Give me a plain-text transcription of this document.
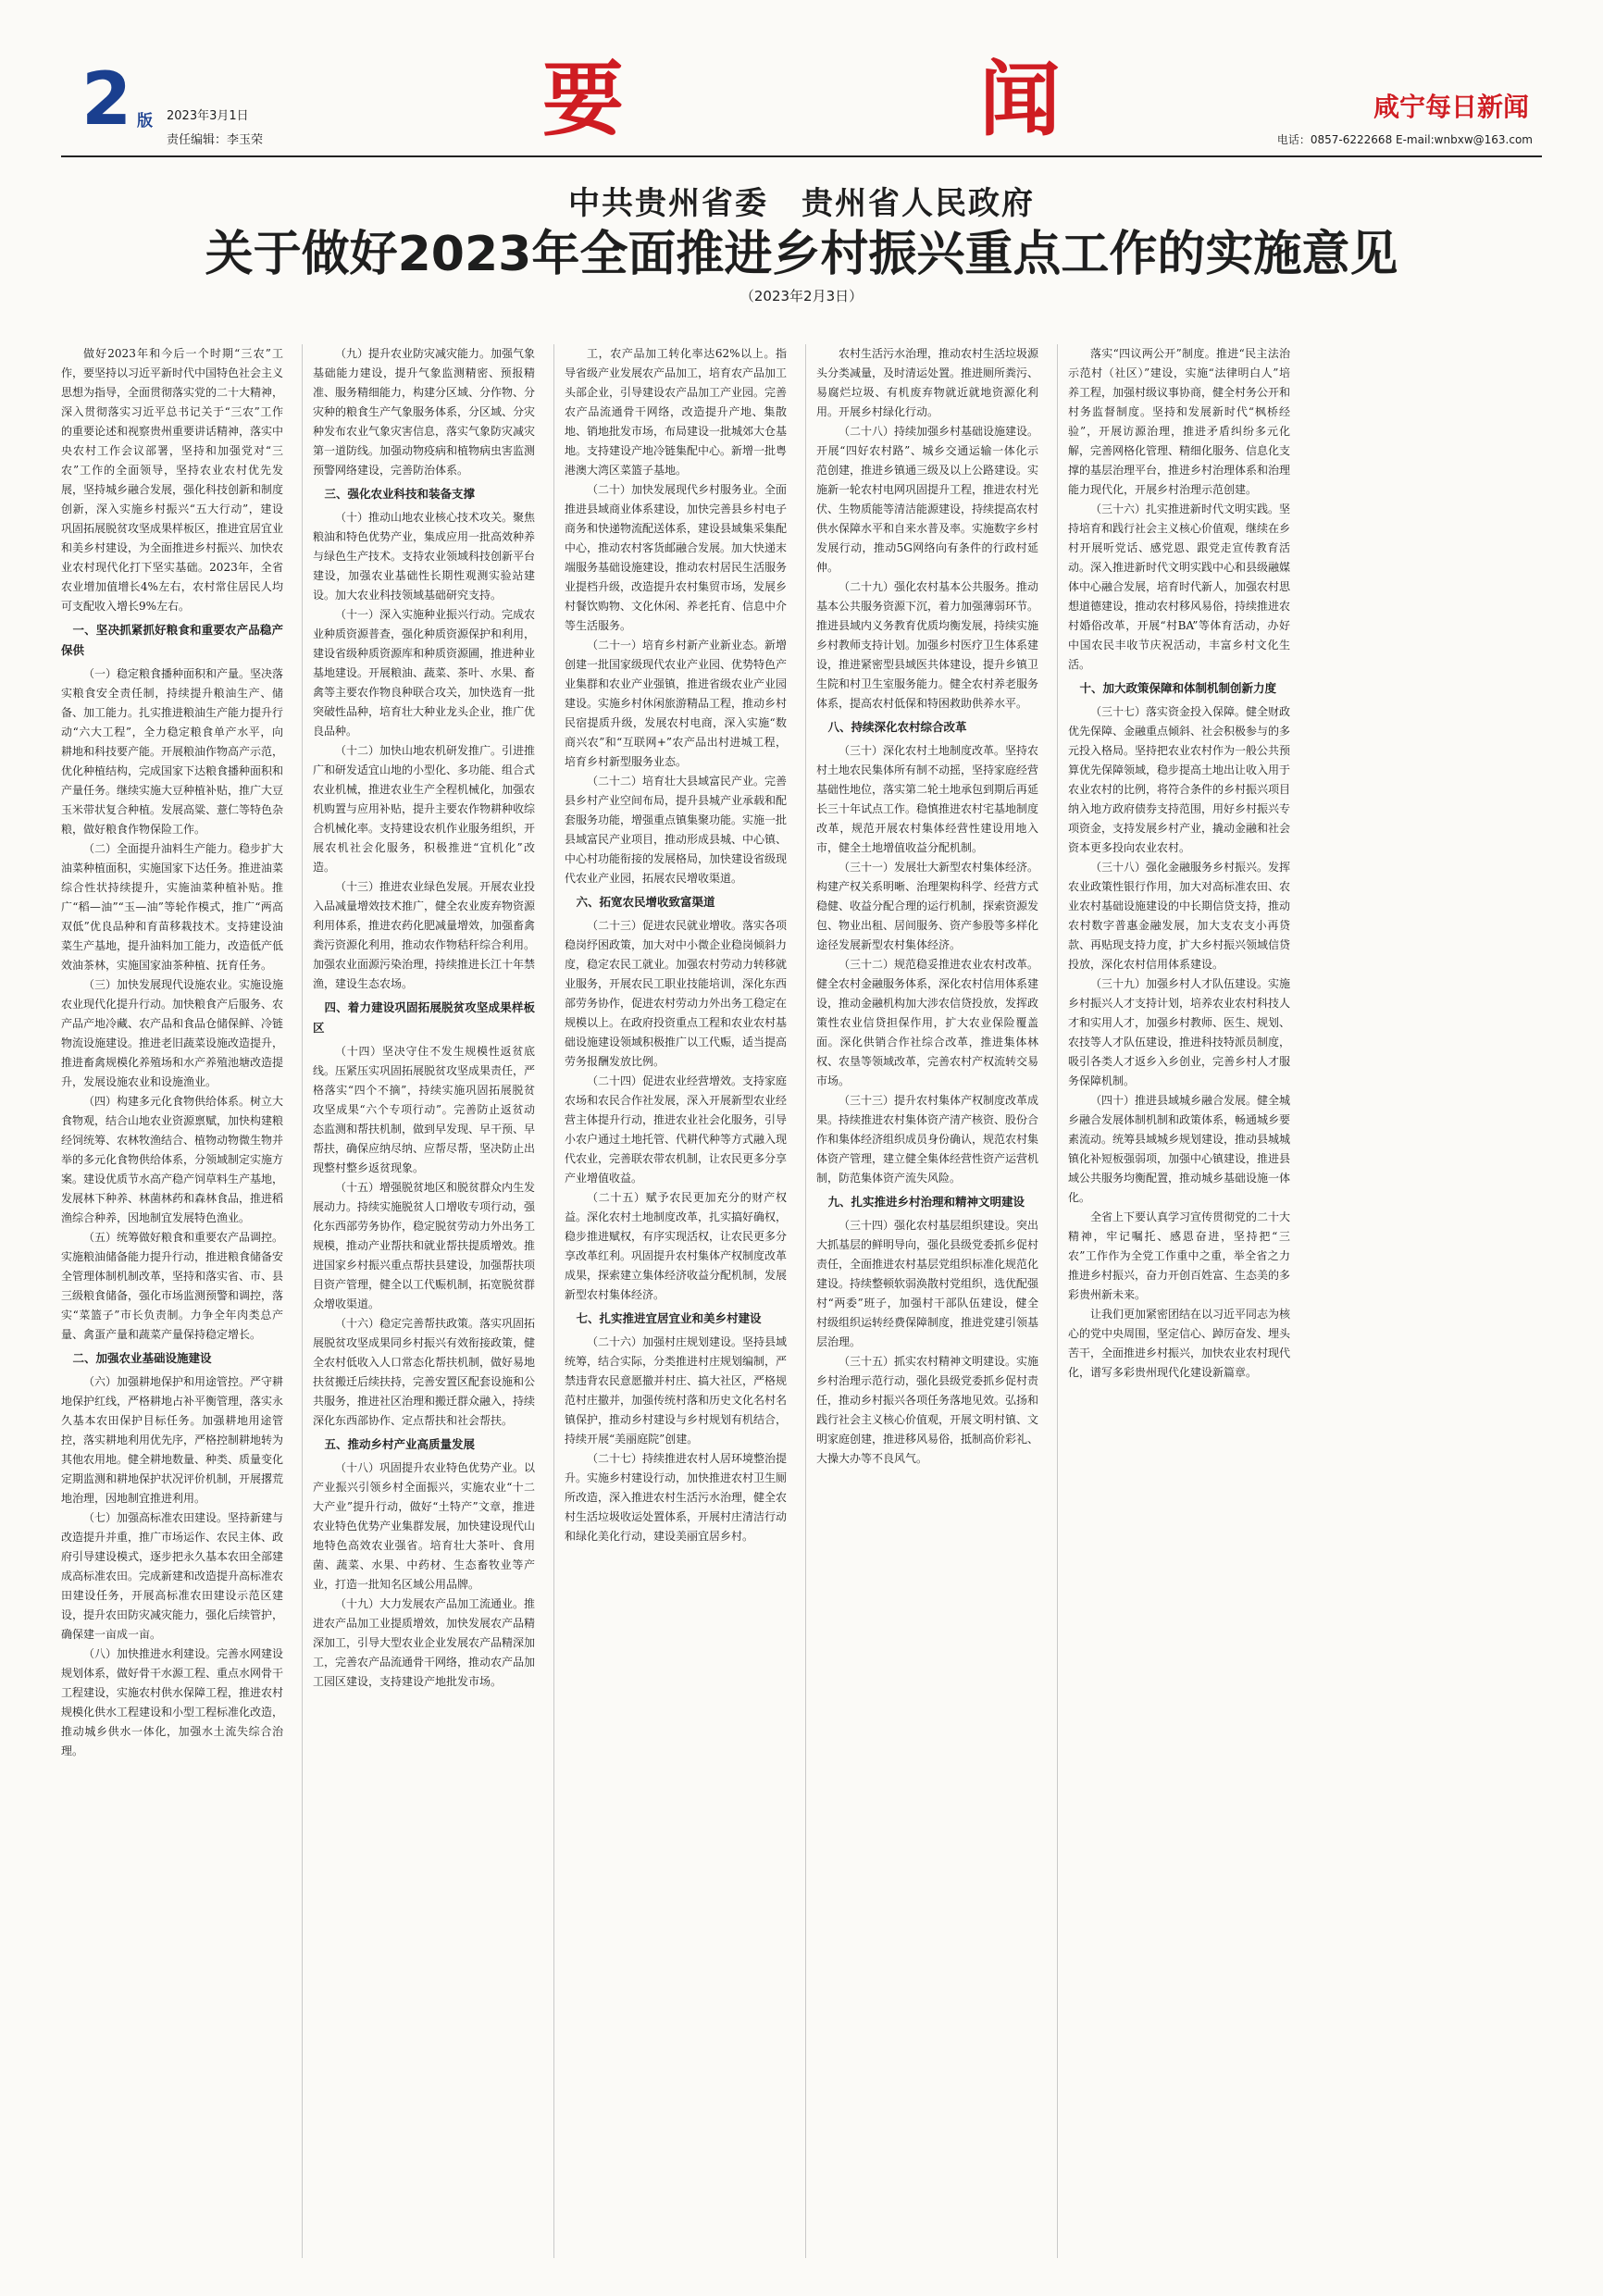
2 版 2023年3月1日
责任编辑：李玉荣	要	闻	咸宁每日新闻
电话：0857-6222668 E-mail:wnbxw@163.com
中共贵州省委　贵州省人民政府
关于做好2023年全面推进乡村振兴重点工作的实施意见
（2023年2月3日）

做好2023年和今后一个时期“三农”工作，要坚持以习近平新时代中国特色社会主义思想为指导，全面贯彻落实党的二十大精神，深入贯彻落实习近平总书记关于“三农”工作的重要论述和视察贵州重要讲话精神，落实中央农村工作会议部署，坚持和加强党对“三农”工作的全面领导，坚持农业农村优先发展，坚持城乡融合发展，强化科技创新和制度创新，深入实施乡村振兴“五大行动”，建设巩固拓展脱贫攻坚成果样板区，推进宜居宜业和美乡村建设，为全面推进乡村振兴、加快农业农村现代化打下坚实基础。2023年，全省农业增加值增长4%左右，农村常住居民人均可支配收入增长9%左右。

一、坚决抓紧抓好粮食和重要农产品稳产保供

（一）稳定粮食播种面积和产量。坚决落实粮食安全责任制，持续提升粮油生产、储备、加工能力。扎实推进粮油生产能力提升行动“六大工程”，全力稳定粮食单产水平，向耕地和科技要产能。开展粮油作物高产示范，优化种植结构，完成国家下达粮食播种面积和产量任务。继续实施大豆种植补贴，推广大豆玉米带状复合种植。发展高粱、薏仁等特色杂粮，做好粮食作物保险工作。

（二）全面提升油料生产能力。稳步扩大油菜种植面积，实施国家下达任务。推进油菜综合性状持续提升，实施油菜种植补贴。推广“稻—油”“玉—油”等轮作模式，推广“两高双低”优良品种和育苗移栽技术。支持建设油菜生产基地，提升油料加工能力，改造低产低效油茶林，实施国家油茶种植、抚育任务。

（三）加快发展现代设施农业。实施设施农业现代化提升行动。加快粮食产后服务、农产品产地冷藏、农产品和食品仓储保鲜、冷链物流设施建设。推进老旧蔬菜设施改造提升，推进畜禽规模化养殖场和水产养殖池塘改造提升，发展设施农业和设施渔业。

（四）构建多元化食物供给体系。树立大食物观，结合山地农业资源禀赋，加快构建粮经饲统筹、农林牧渔结合、植物动物微生物并举的多元化食物供给体系，分领域制定实施方案。建设优质节水高产稳产饲草料生产基地，发展林下种养、林菌林药和森林食品，推进稻渔综合种养，因地制宜发展特色渔业。

（五）统筹做好粮食和重要农产品调控。实施粮油储备能力提升行动，推进粮食储备安全管理体制机制改革，坚持和落实省、市、县三级粮食储备，强化市场监测预警和调控，落实“菜篮子”市长负责制。力争全年肉类总产量、禽蛋产量和蔬菜产量保持稳定增长。

二、加强农业基础设施建设

（六）加强耕地保护和用途管控。严守耕地保护红线，严格耕地占补平衡管理，落实永久基本农田保护目标任务。加强耕地用途管控，落实耕地利用优先序，严格控制耕地转为其他农用地。健全耕地数量、种类、质量变化定期监测和耕地保护状况评价机制，开展撂荒地治理，因地制宜推进利用。

（七）加强高标准农田建设。坚持新建与改造提升并重，推广市场运作、农民主体、政府引导建设模式，逐步把永久基本农田全部建成高标准农田。完成新建和改造提升高标准农田建设任务，开展高标准农田建设示范区建设，提升农田防灾减灾能力，强化后续管护，确保建一亩成一亩。

（八）加快推进水利建设。完善水网建设规划体系，做好骨干水源工程、重点水网骨干工程建设，实施农村供水保障工程，推进农村规模化供水工程建设和小型工程标准化改造，推动城乡供水一体化，加强水土流失综合治理。

（九）提升农业防灾减灾能力。加强气象基础能力建设，提升气象监测精密、预报精准、服务精细能力，构建分区域、分作物、分灾种的粮食生产气象服务体系，分区域、分灾种发布农业气象灾害信息，落实气象防灾减灾第一道防线。加强动物疫病和植物病虫害监测预警网络建设，完善防治体系。

三、强化农业科技和装备支撑

（十）推动山地农业核心技术攻关。聚焦粮油和特色优势产业，集成应用一批高效种养与绿色生产技术。支持农业领域科技创新平台建设，加强农业基础性长期性观测实验站建设。加大农业科技领域基础研究支持。

（十一）深入实施种业振兴行动。完成农业种质资源普查，强化种质资源保护和利用，建设省级种质资源库和种质资源圃，推进种业基地建设。开展粮油、蔬菜、茶叶、水果、畜禽等主要农作物良种联合攻关，加快选育一批突破性品种，培育壮大种业龙头企业，推广优良品种。

（十二）加快山地农机研发推广。引进推广和研发适宜山地的小型化、多功能、组合式农业机械，推进农业生产全程机械化，加强农机购置与应用补贴，提升主要农作物耕种收综合机械化率。支持建设农机作业服务组织，开展农机社会化服务，积极推进“宜机化”改造。

（十三）推进农业绿色发展。开展农业投入品减量增效技术推广，健全农业废弃物资源利用体系，推进农药化肥减量增效，加强畜禽粪污资源化利用，推动农作物秸秆综合利用。加强农业面源污染治理，持续推进长江十年禁渔，建设生态农场。

四、着力建设巩固拓展脱贫攻坚成果样板区

（十四）坚决守住不发生规模性返贫底线。压紧压实巩固拓展脱贫攻坚成果责任，严格落实“四个不摘”，持续实施巩固拓展脱贫攻坚成果“六个专项行动”。完善防止返贫动态监测和帮扶机制，做到早发现、早干预、早帮扶，确保应纳尽纳、应帮尽帮，坚决防止出现整村整乡返贫现象。

（十五）增强脱贫地区和脱贫群众内生发展动力。持续实施脱贫人口增收专项行动，强化东西部劳务协作，稳定脱贫劳动力外出务工规模，推动产业帮扶和就业帮扶提质增效。推进国家乡村振兴重点帮扶县建设，加强帮扶项目资产管理，健全以工代赈机制，拓宽脱贫群众增收渠道。

（十六）稳定完善帮扶政策。落实巩固拓展脱贫攻坚成果同乡村振兴有效衔接政策，健全农村低收入人口常态化帮扶机制，做好易地扶贫搬迁后续扶持，完善安置区配套设施和公共服务，推进社区治理和搬迁群众融入，持续深化东西部协作、定点帮扶和社会帮扶。

五、推动乡村产业高质量发展

（十八）巩固提升农业特色优势产业。以产业振兴引领乡村全面振兴，实施农业“十二大产业”提升行动，做好“土特产”文章，推进农业特色优势产业集群发展，加快建设现代山地特色高效农业强省。培育壮大茶叶、食用菌、蔬菜、水果、中药材、生态畜牧业等产业，打造一批知名区域公用品牌。

（十九）大力发展农产品加工流通业。推进农产品加工业提质增效，加快发展农产品精深加工，引导大型农业企业发展农产品精深加工，完善农产品流通骨干网络，推动农产品加工园区建设，支持建设产地批发市场。

工，农产品加工转化率达62%以上。指导省级产业发展农产品加工，培育农产品加工头部企业，引导建设农产品加工产业园。完善农产品流通骨干网络，改造提升产地、集散地、销地批发市场，布局建设一批城郊大仓基地。支持建设产地冷链集配中心。新增一批粤港澳大湾区菜篮子基地。

（二十）加快发展现代乡村服务业。全面推进县域商业体系建设，加快完善县乡村电子商务和快递物流配送体系，建设县域集采集配中心，推动农村客货邮融合发展。加大快递末端服务基础设施建设，推动农村居民生活服务业提档升级，改造提升农村集贸市场，发展乡村餐饮购物、文化休闲、养老托育、信息中介等生活服务。

（二十一）培育乡村新产业新业态。新增创建一批国家级现代农业产业园、优势特色产业集群和农业产业强镇，推进省级农业产业园建设。实施乡村休闲旅游精品工程，推动乡村民宿提质升级，发展农村电商，深入实施“数商兴农”和“互联网+”农产品出村进城工程，培育乡村新型服务业态。

（二十二）培育壮大县域富民产业。完善县乡村产业空间布局，提升县城产业承载和配套服务功能，增强重点镇集聚功能。实施一批县域富民产业项目，推动形成县城、中心镇、中心村功能衔接的发展格局，加快建设省级现代农业产业园，拓展农民增收渠道。

六、拓宽农民增收致富渠道

（二十三）促进农民就业增收。落实各项稳岗纾困政策，加大对中小微企业稳岗倾斜力度，稳定农民工就业。加强农村劳动力转移就业服务，开展农民工职业技能培训，深化东西部劳务协作，促进农村劳动力外出务工稳定在规模以上。在政府投资重点工程和农业农村基础设施建设领域积极推广以工代赈，适当提高劳务报酬发放比例。

（二十四）促进农业经营增效。支持家庭农场和农民合作社发展，深入开展新型农业经营主体提升行动，推进农业社会化服务，引导小农户通过土地托管、代耕代种等方式融入现代农业，完善联农带农机制，让农民更多分享产业增值收益。

（二十五）赋予农民更加充分的财产权益。深化农村土地制度改革，扎实搞好确权，稳步推进赋权，有序实现活权，让农民更多分享改革红利。巩固提升农村集体产权制度改革成果，探索建立集体经济收益分配机制，发展新型农村集体经济。

七、扎实推进宜居宜业和美乡村建设

（二十六）加强村庄规划建设。坚持县域统筹，结合实际，分类推进村庄规划编制，严禁违背农民意愿撤并村庄、搞大社区，严格规范村庄撤并，加强传统村落和历史文化名村名镇保护，推动乡村建设与乡村规划有机结合，持续开展“美丽庭院”创建。

（二十七）持续推进农村人居环境整治提升。实施乡村建设行动，加快推进农村卫生厕所改造，深入推进农村生活污水治理，健全农村生活垃圾收运处置体系，开展村庄清洁行动和绿化美化行动，建设美丽宜居乡村。

农村生活污水治理，推动农村生活垃圾源头分类减量，及时清运处置。推进厕所粪污、易腐烂垃圾、有机废弃物就近就地资源化利用。开展乡村绿化行动。

（二十八）持续加强乡村基础设施建设。开展“四好农村路”、城乡交通运输一体化示范创建，推进乡镇通三级及以上公路建设。实施新一轮农村电网巩固提升工程，推进农村光伏、生物质能等清洁能源建设，持续提高农村供水保障水平和自来水普及率。实施数字乡村发展行动，推动5G网络向有条件的行政村延伸。

（二十九）强化农村基本公共服务。推动基本公共服务资源下沉，着力加强薄弱环节。推进县域内义务教育优质均衡发展，持续实施乡村教师支持计划。加强乡村医疗卫生体系建设，推进紧密型县域医共体建设，提升乡镇卫生院和村卫生室服务能力。健全农村养老服务体系，提高农村低保和特困救助供养水平。

八、持续深化农村综合改革

（三十）深化农村土地制度改革。坚持农村土地农民集体所有制不动摇，坚持家庭经营基础性地位，落实第二轮土地承包到期后再延长三十年试点工作。稳慎推进农村宅基地制度改革，规范开展农村集体经营性建设用地入市，健全土地增值收益分配机制。

（三十一）发展壮大新型农村集体经济。构建产权关系明晰、治理架构科学、经营方式稳健、收益分配合理的运行机制，探索资源发包、物业出租、居间服务、资产参股等多样化途径发展新型农村集体经济。

（三十二）规范稳妥推进农业农村改革。健全农村金融服务体系，深化农村信用体系建设，推动金融机构加大涉农信贷投放，发挥政策性农业信贷担保作用，扩大农业保险覆盖面。深化供销合作社综合改革，推进集体林权、农垦等领域改革，完善农村产权流转交易市场。

（三十三）提升农村集体产权制度改革成果。持续推进农村集体资产清产核资、股份合作和集体经济组织成员身份确认，规范农村集体资产管理，建立健全集体经营性资产运营机制，防范集体资产流失风险。

九、扎实推进乡村治理和精神文明建设

（三十四）强化农村基层组织建设。突出大抓基层的鲜明导向，强化县级党委抓乡促村责任，全面推进农村基层党组织标准化规范化建设。持续整顿软弱涣散村党组织，选优配强村“两委”班子，加强村干部队伍建设，健全村级组织运转经费保障制度，推进党建引领基层治理。

（三十五）抓实农村精神文明建设。实施乡村治理示范行动，强化县级党委抓乡促村责任，推动乡村振兴各项任务落地见效。弘扬和践行社会主义核心价值观，开展文明村镇、文明家庭创建，推进移风易俗，抵制高价彩礼、大操大办等不良风气。

落实“四议两公开”制度。推进“民主法治示范村（社区）”建设，实施“法律明白人”培养工程，加强村级议事协商，健全村务公开和村务监督制度。坚持和发展新时代“枫桥经验”，开展访源治理，推进矛盾纠纷多元化解，完善网格化管理、精细化服务、信息化支撑的基层治理平台，推进乡村治理体系和治理能力现代化，开展乡村治理示范创建。

（三十六）扎实推进新时代文明实践。坚持培育和践行社会主义核心价值观，继续在乡村开展听党话、感党恩、跟党走宣传教育活动。深入推进新时代文明实践中心和县级融媒体中心融合发展，培育时代新人，加强农村思想道德建设，推动农村移风易俗，持续推进农村婚俗改革，开展“村BA”等体育活动，办好中国农民丰收节庆祝活动，丰富乡村文化生活。

十、加大政策保障和体制机制创新力度

（三十七）落实资金投入保障。健全财政优先保障、金融重点倾斜、社会积极参与的多元投入格局。坚持把农业农村作为一般公共预算优先保障领域，稳步提高土地出让收入用于农业农村的比例，将符合条件的乡村振兴项目纳入地方政府债券支持范围，用好乡村振兴专项资金，支持发展乡村产业，撬动金融和社会资本更多投向农业农村。

（三十八）强化金融服务乡村振兴。发挥农业政策性银行作用，加大对高标准农田、农业农村基础设施建设的中长期信贷支持，推动农村数字普惠金融发展，加大支农支小再贷款、再贴现支持力度，扩大乡村振兴领域信贷投放，深化农村信用体系建设。

（三十九）加强乡村人才队伍建设。实施乡村振兴人才支持计划，培养农业农村科技人才和实用人才，加强乡村教师、医生、规划、农技等人才队伍建设，推进科技特派员制度，吸引各类人才返乡入乡创业，完善乡村人才服务保障机制。

（四十）推进县域城乡融合发展。健全城乡融合发展体制机制和政策体系，畅通城乡要素流动。统筹县域城乡规划建设，推动县城城镇化补短板强弱项，加强中心镇建设，推进县域公共服务均衡配置，推动城乡基础设施一体化。

全省上下要认真学习宣传贯彻党的二十大精神，牢记嘱托、感恩奋进，坚持把“三农”工作作为全党工作重中之重，举全省之力推进乡村振兴，奋力开创百姓富、生态美的多彩贵州新未来。

让我们更加紧密团结在以习近平同志为核心的党中央周围，坚定信心、踔厉奋发、埋头苦干，全面推进乡村振兴，加快农业农村现代化，谱写多彩贵州现代化建设新篇章。
